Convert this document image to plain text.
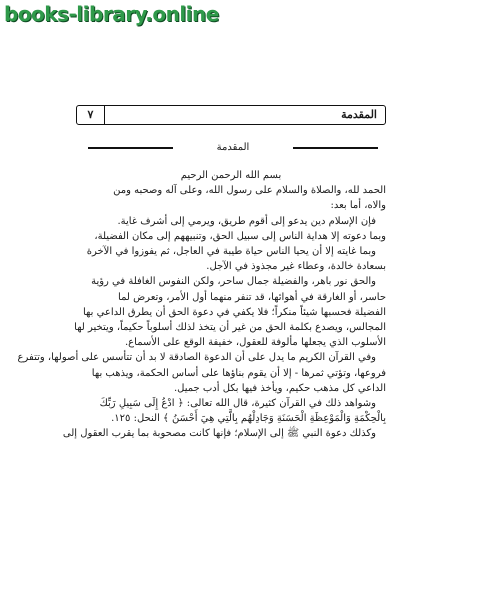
books-library.online
٧	المقدمة
المقدمة
بسم الله الرحمن الرحيم
الحمد لله، والصلاة والسلام على رسول الله، وعلى آله وصحبه ومن
والاه، أما بعد:
فإن الإسلام دين يدعو إلى أقوم طريق، ويرمي إلى أشرف غاية.
وبما دعوته إلا هداية الناس إلى سبيل الحق، وتنبيههم إلى مكان الفضيلة،
وبما غايته إلا أن يحيا الناس حياة طيبة في العاجل، ثم يفوزوا في الآخرة
بسعادة خالدة، وعطاء غير مجذوذ في الآجل.
والحق نور باهر، والفضيلة جمال ساحر، ولكن النفوس الغافلة في رؤية
حاسر، أو الغارقة في أهوائها، قد تنفر منهما أول الأمر، وتعرض لما
الفضيلة فحسبها شيئاً منكراً؛ فلا يكفي في دعوة الحق أن يطرق الداعي بها
المجالس، ويصدع بكلمة الحق من غير أن يتخذ لذلك أسلوباً حكيماً، ويتخير لها
الأسلوب الذي يجعلها مألوفة للعقول، خفيفة الوقع على الأسماع.
وفي القرآن الكريم ما يدل على أن الدعوة الصادقة لا بد أن تتأسس على أصولها، وتتفرع
فروعها، وتؤتي ثمرها - إلا أن يقوم بناؤها على أساس الحكمة، ويذهب بها
الداعي كل مذهب حكيم، ويأخذ فيها بكل أدب جميل.
وشواهد ذلك في القرآن كثيرة، قال الله تعالى: ﴿ ادْعُ إِلَى سَبِيلِ رَبِّكَ
بِالْحِكْمَةِ وَالْمَوْعِظَةِ الْحَسَنَةِ وَجَادِلْهُم بِالَّتِي هِيَ أَحْسَنُ ﴾ النحل: ١٢٥.
وكذلك دعوة النبي ﷺ إلى الإسلام؛ فإنها كانت مصحوبة بما يقرب العقول إلى
